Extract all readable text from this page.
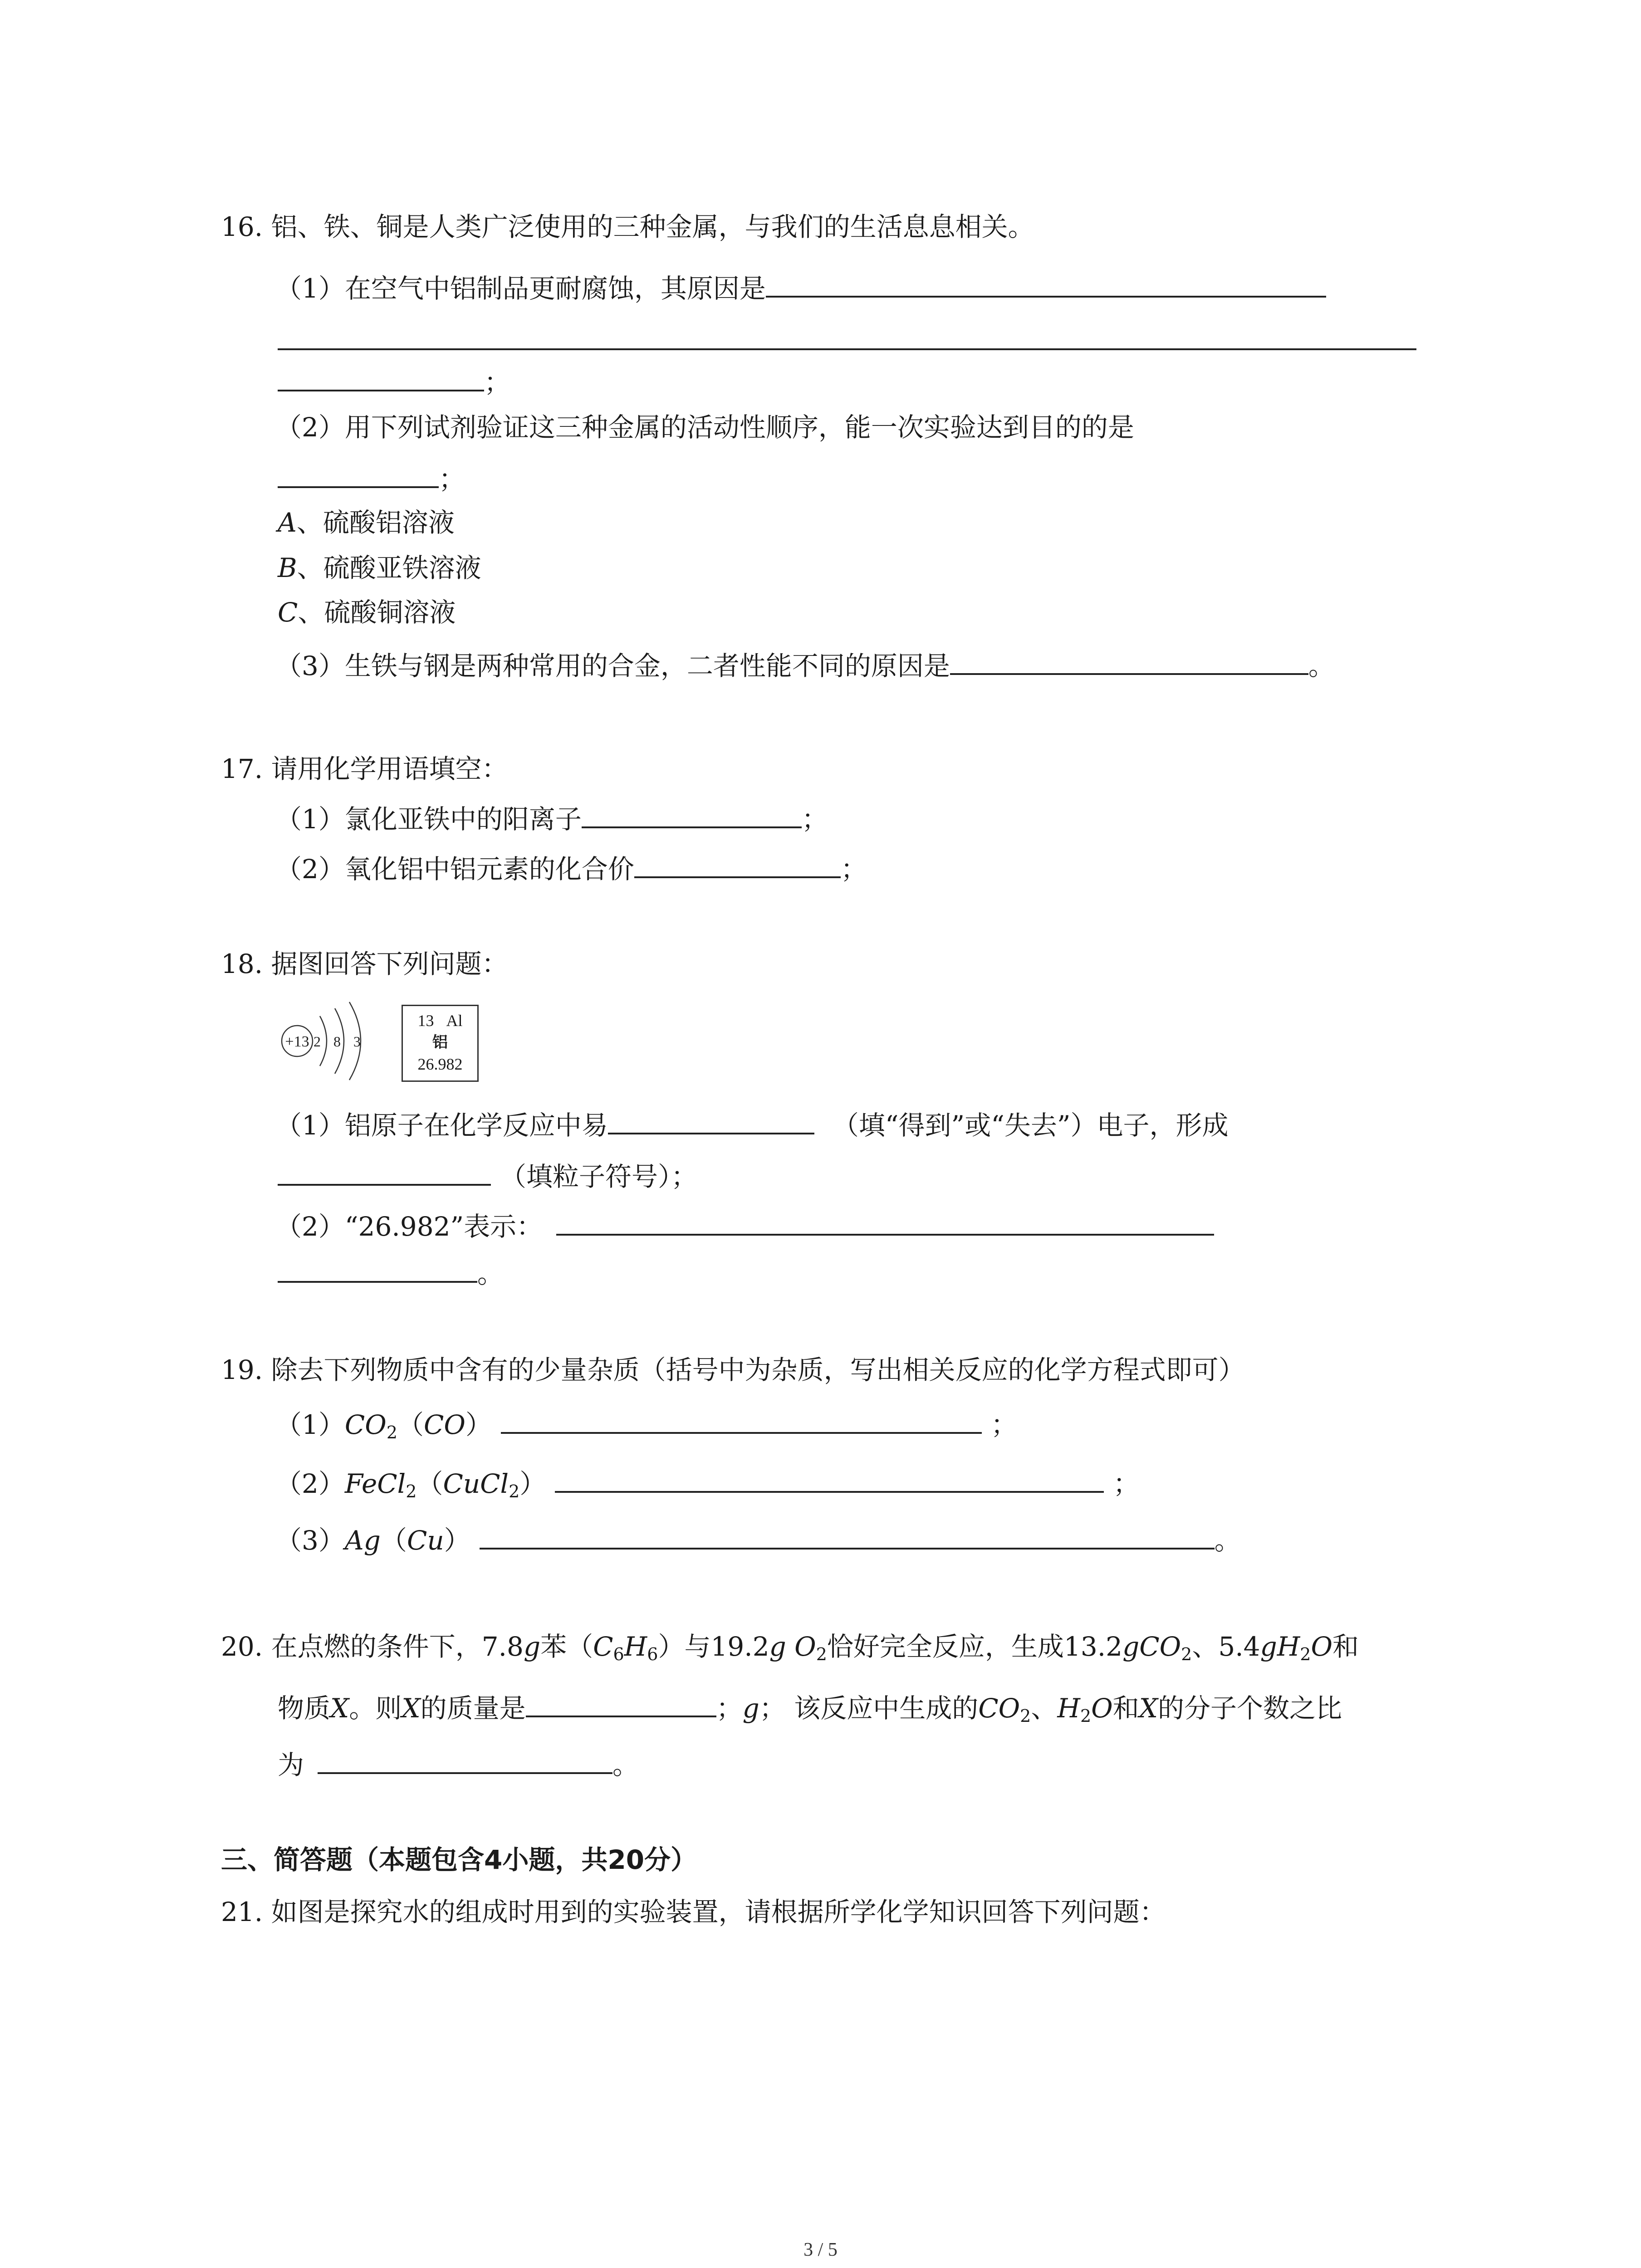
16. 铝、铁、铜是人类广泛使用的三种金属，与我们的生活息息相关。
（1）在空气中铝制品更耐腐蚀，其原因是
；
（2）用下列试剂验证这三种金属的活动性顺序，能一次实验达到目的的是
；
A、硫酸铝溶液
B、硫酸亚铁溶液
C、硫酸铜溶液
（3）生铁与钢是两种常用的合金，二者性能不同的原因是	。
17. 请用化学用语填空：
（1）氯化亚铁中的阳离子	；
（2）氧化铝中铝元素的化合价	；
18. 据图回答下列问题：
+13 2 8 3
13 Al
铝
26.982
（1）铝原子在化学反应中易	（填“得到”或“失去”）电子，形成
（填粒子符号）；
（2）“26.982”表示：
。
19. 除去下列物质中含有的少量杂质（括号中为杂质，写出相关反应的化学方程式即可）
$(1)CO_2(CO)$	；
（2）FeCl$_2$（CuCl$_2$）	；
（3）Ag（Cu）	。
20. 在点燃的条件下，7.8g苯$(C_6H_6)$与19.2g $O_2$恰好完全反应，生成13.2gCO$_2$、$5.4gH_2O$和
物质X。则X的质量是	；g； 该反应中生成的$CO_2$、$H_2O$和X的分子个数之比
为	。
三、简答题（本题包含4小题，共20分）
21. 如图是探究水的组成时用到的实验装置，请根据所学化学知识回答下列问题：
3 / 5
